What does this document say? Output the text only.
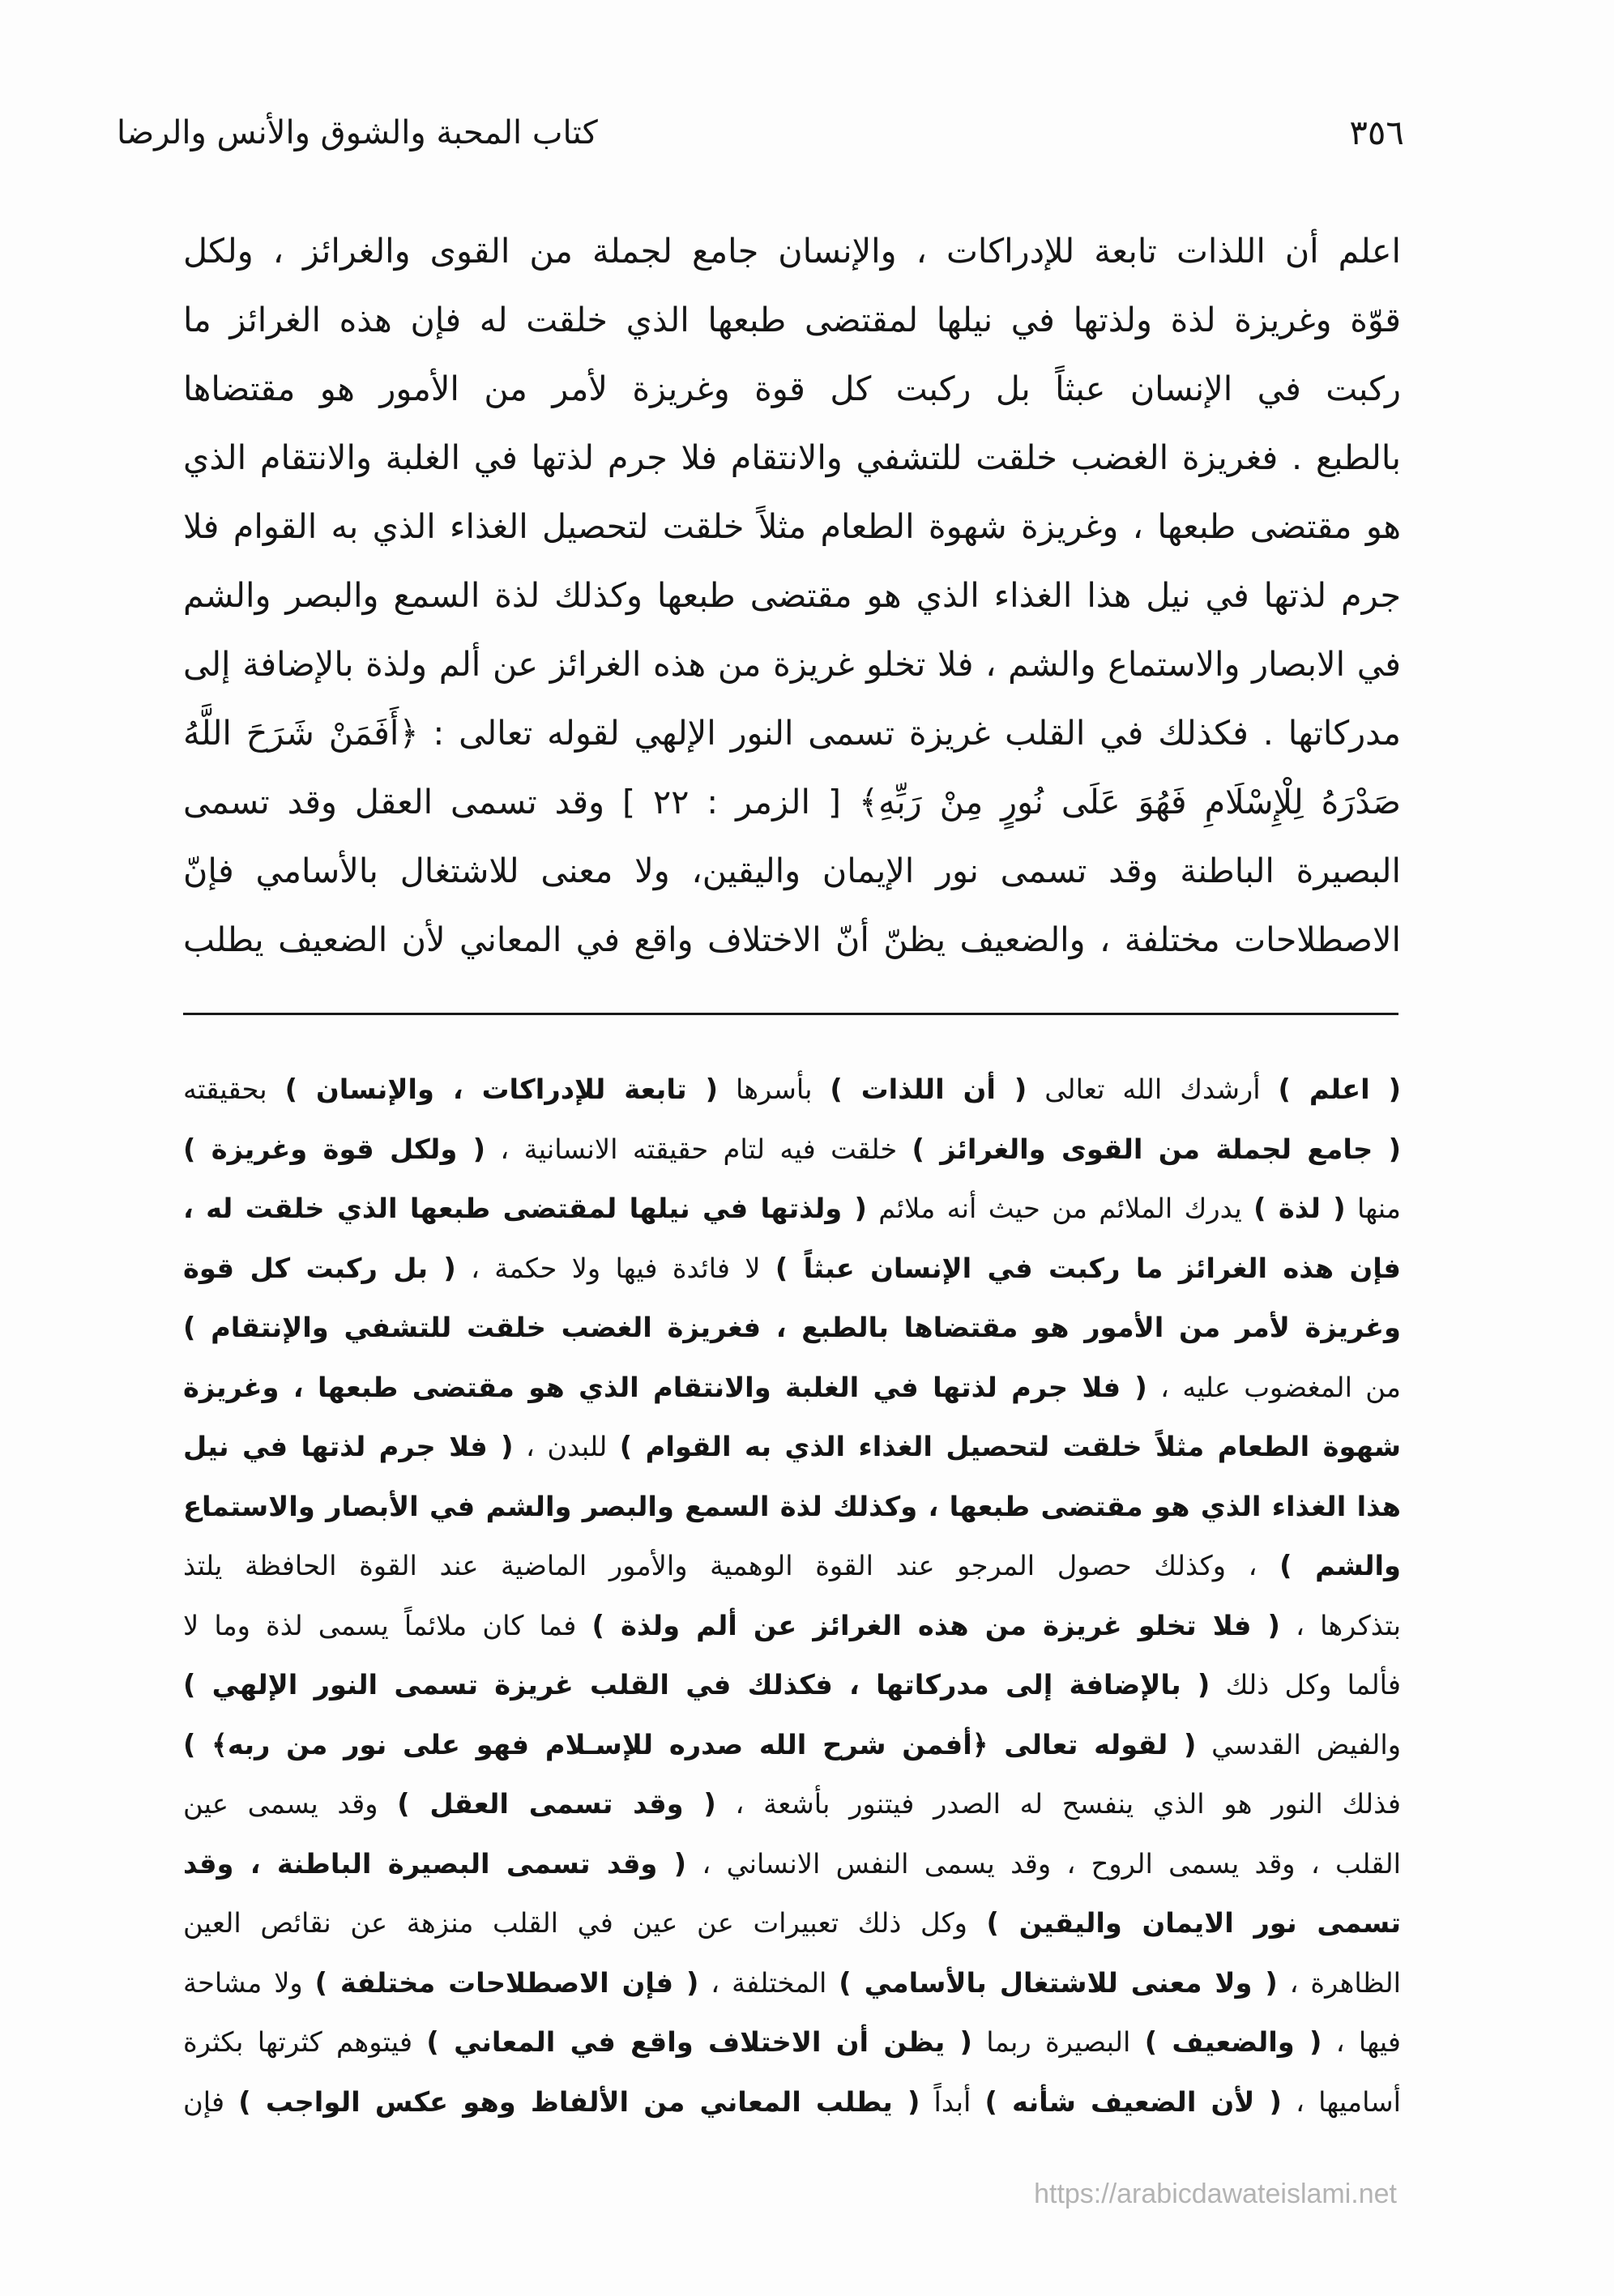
٣٥٦
كتاب المحبة والشوق والأنس والرضا
اعلم أن اللذات تابعة للإدراكات ، والإنسان جامع لجملة من القوى والغرائز ، ولكل
قوّة وغريزة لذة ولذتها في نيلها لمقتضى طبعها الذي خلقت له فإن هذه الغرائز ما
ركبت في الإنسان عبثاً بل ركبت كل قوة وغريزة لأمر من الأمور هو مقتضاها
بالطبع . فغريزة الغضب خلقت للتشفي والانتقام فلا جرم لذتها في الغلبة والانتقام الذي
هو مقتضى طبعها ، وغريزة شهوة الطعام مثلاً خلقت لتحصيل الغذاء الذي به القوام فلا
جرم لذتها في نيل هذا الغذاء الذي هو مقتضى طبعها وكذلك لذة السمع والبصر والشم
في الابصار والاستماع والشم ، فلا تخلو غريزة من هذه الغرائز عن ألم ولذة بالإضافة إلى
مدركاتها . فكذلك في القلب غريزة تسمى النور الإلهي لقوله تعالى : ﴿أَفَمَنْ شَرَحَ اللَّهُ
صَدْرَهُ لِلْإِسْلَامِ فَهُوَ عَلَى نُورٍ مِنْ رَبِّهِ﴾ [ الزمر : ٢٢ ] وقد تسمى العقل وقد تسمى
البصيرة الباطنة وقد تسمى نور الإيمان واليقين، ولا معنى للاشتغال بالأسامي فإنّ
الاصطلاحات مختلفة ، والضعيف يظنّ أنّ الاختلاف واقع في المعاني لأن الضعيف يطلب
( اعلم ) أرشدك الله تعالى ( أن اللذات ) بأسرها ( تابعة للإدراكات ، والإنسان ) بحقيقته
( جامع لجملة من القوى والغرائز ) خلقت فيه لتام حقيقته الانسانية ، ( ولكل قوة وغريزة )
منها ( لذة ) يدرك الملائم من حيث أنه ملائم ( ولذتها في نيلها لمقتضى طبعها الذي خلقت له ،
فإن هذه الغرائز ما ركبت في الإنسان عبثاً ) لا فائدة فيها ولا حكمة ، ( بل ركبت كل قوة
وغريزة لأمر من الأمور هو مقتضاها بالطبع ، فغريزة الغضب خلقت للتشفي والإنتقام )
من المغضوب عليه ، ( فلا جرم لذتها في الغلبة والانتقام الذي هو مقتضى طبعها ، وغريزة
شهوة الطعام مثلاً خلقت لتحصيل الغذاء الذي به القوام ) للبدن ، ( فلا جرم لذتها في نيل
هذا الغذاء الذي هو مقتضى طبعها ، وكذلك لذة السمع والبصر والشم في الأبصار والاستماع
والشم ) ، وكذلك حصول المرجو عند القوة الوهمية والأمور الماضية عند القوة الحافظة يلتذ
بتذكرها ، ( فلا تخلو غريزة من هذه الغرائز عن ألم ولذة ) فما كان ملائماً يسمى لذة وما لا
فألما وكل ذلك ( بالإضافة إلى مدركاتها ، فكذلك في القلب غريزة تسمى النور الإلهي )
والفيض القدسي ( لقوله تعالى ﴿أفمن شرح الله صدره للإسـلام فهو على نور من ربه﴾ )
فذلك النور هو الذي ينفسح له الصدر فيتنور بأشعة ، ( وقد تسمى العقل ) وقد يسمى عين
القلب ، وقد يسمى الروح ، وقد يسمى النفس الانساني ، ( وقد تسمى البصيرة الباطنة ، وقد
تسمى نور الايمان واليقين ) وكل ذلك تعبيرات عن عين في القلب منزهة عن نقائص العين
الظاهرة ، ( ولا معنى للاشتغال بالأسامي ) المختلفة ، ( فإن الاصطلاحات مختلفة ) ولا مشاحة
فيها ، ( والضعيف ) البصيرة ربما ( يظن أن الاختلاف واقع في المعاني ) فيتوهم كثرتها بكثرة
أساميها ، ( لأن الضعيف شأنه ) أبداً ( يطلب المعاني من الألفاظ وهو عكس الواجب ) فإن
https://arabicdawateislami.net
